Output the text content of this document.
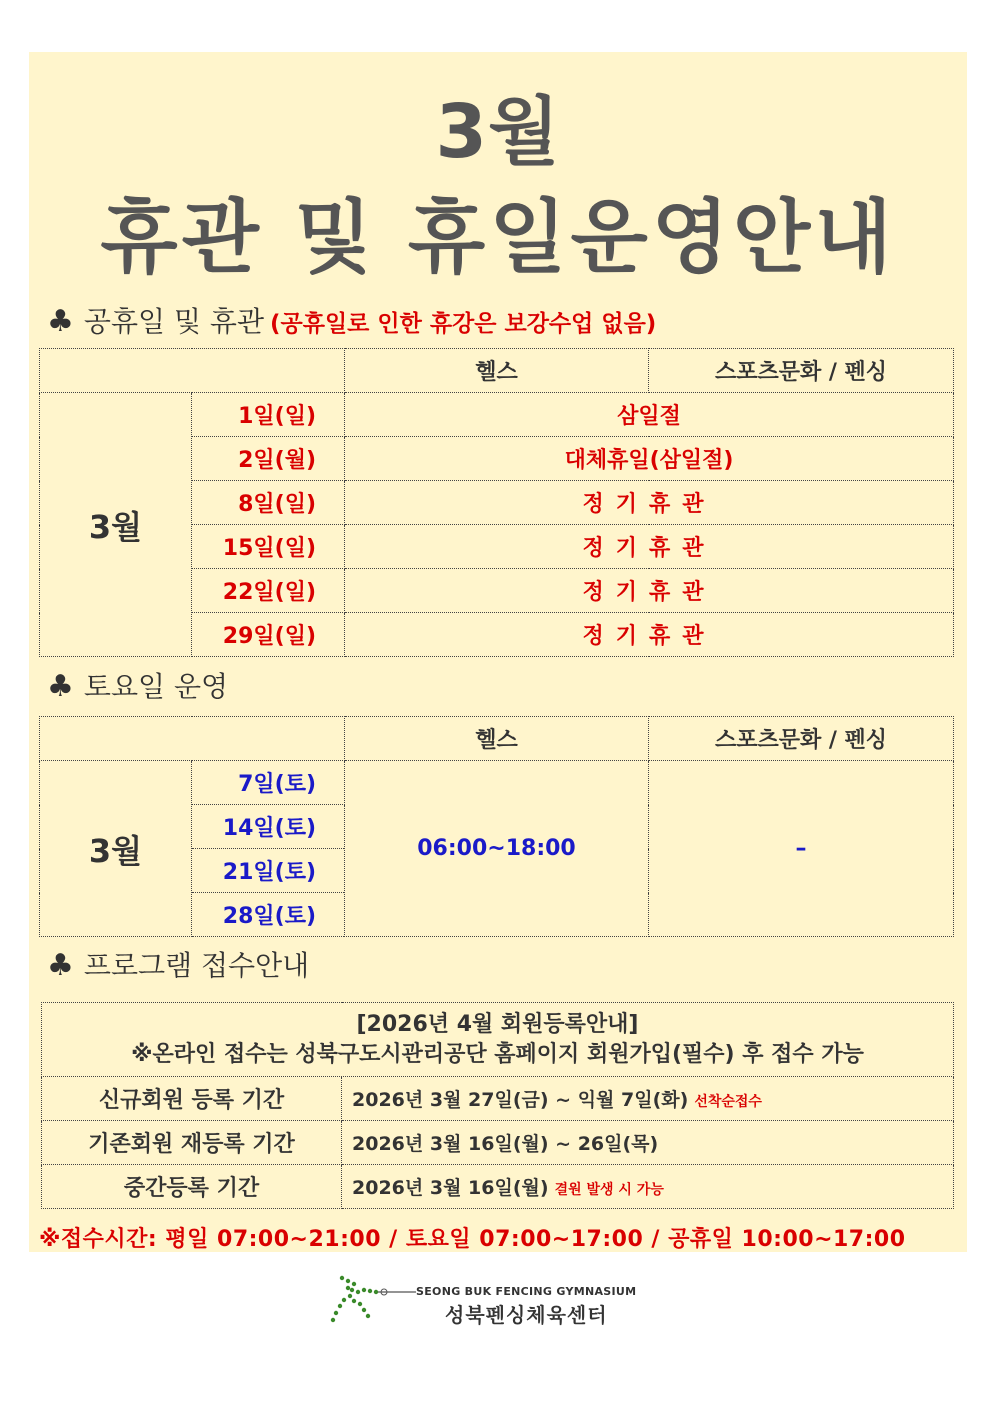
3월
휴관 및 휴일운영안내
♣ 공휴일 및 휴관 (공휴일로 인한 휴강은 보강수업 없음)
		헬스	스포츠문화 / 펜싱
3월	1일(일)	삼일절	
	2일(월)	대체휴일(삼일절)	
	8일(일)	정기휴관	
	15일(일)	정기휴관	
	22일(일)	정기휴관	
	29일(일)	정기휴관	
♣ 토요일 운영
		헬스	스포츠문화 / 펜싱
3월	7일(토)	06:00~18:00	–
	14일(토)		
	21일(토)		
	28일(토)		
♣ 프로그램 접수안내
[2026년 4월 회원등록안내]
※온라인 접수는 성북구도시관리공단 홈페이지 회원가입(필수) 후 접수 가능	

신규회원 등록 기간	2026년 3월 27일(금) ~ 익월 7일(화) 선착순접수
기존회원 재등록 기간	2026년 3월 16일(월) ~ 26일(목)
중간등록 기간	2026년 3월 16일(월) 결원 발생 시 가능
※접수시간: 평일 07:00~21:00 / 토요일 07:00~17:00 / 공휴일 10:00~17:00
SEONG BUK FENCING GYMNASIUM
성북펜싱체육센터
